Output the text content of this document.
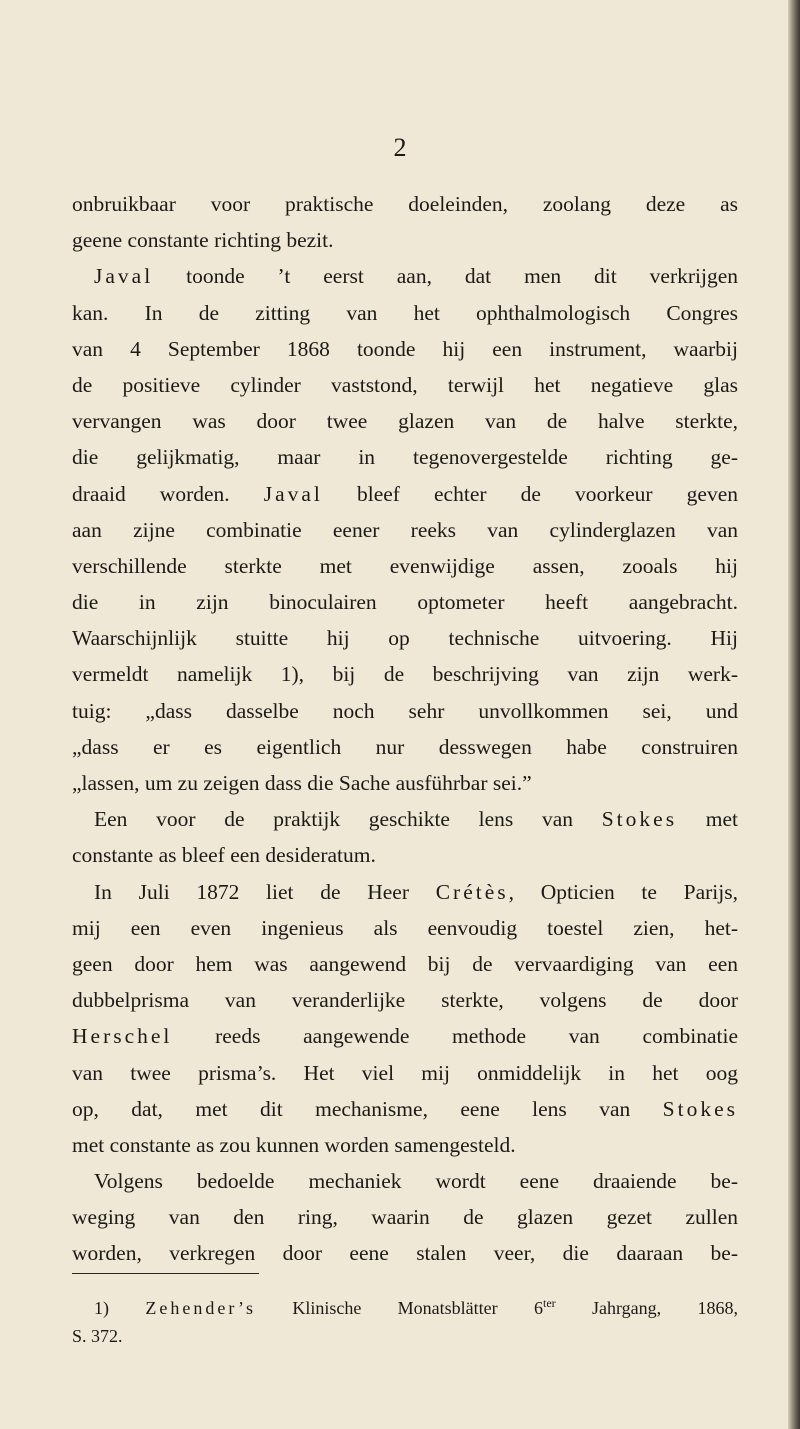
2
onbruikbaar voor praktische doeleinden, zoolang deze as
geene constante richting bezit.
Javal toonde ’t eerst aan, dat men dit verkrijgen
kan. In de zitting van het ophthalmologisch Congres
van 4 September 1868 toonde hij een instrument, waarbij
de positieve cylinder vaststond, terwijl het negatieve glas
vervangen was door twee glazen van de halve sterkte,
die gelijkmatig, maar in tegenovergestelde richting ge-
draaid worden. Javal bleef echter de voorkeur geven
aan zijne combinatie eener reeks van cylinderglazen van
verschillende sterkte met evenwijdige assen, zooals hij
die in zijn binoculairen optometer heeft aangebracht.
Waarschijnlijk stuitte hij op technische uitvoering. Hij
vermeldt namelijk 1), bij de beschrijving van zijn werk-
tuig: „dass dasselbe noch sehr unvollkommen sei, und
„dass er es eigentlich nur desswegen habe construiren
„lassen, um zu zeigen dass die Sache ausführbar sei.”
Een voor de praktijk geschikte lens van Stokes met
constante as bleef een desideratum.
In Juli 1872 liet de Heer Crétès, Opticien te Parijs,
mij een even ingenieus als eenvoudig toestel zien, het-
geen door hem was aangewend bij de vervaardiging van een
dubbelprisma van veranderlijke sterkte, volgens de door
Herschel reeds aangewende methode van combinatie
van twee prisma’s. Het viel mij onmiddelijk in het oog
op, dat, met dit mechanisme, eene lens van Stokes
met constante as zou kunnen worden samengesteld.
Volgens bedoelde mechaniek wordt eene draaiende be-
weging van den ring, waarin de glazen gezet zullen
worden, verkregen door eene stalen veer, die daaraan be-
1) Zehender’s Klinische Monatsblätter $6^{ter}$ Jahrgang, 1868,
S. 372.
